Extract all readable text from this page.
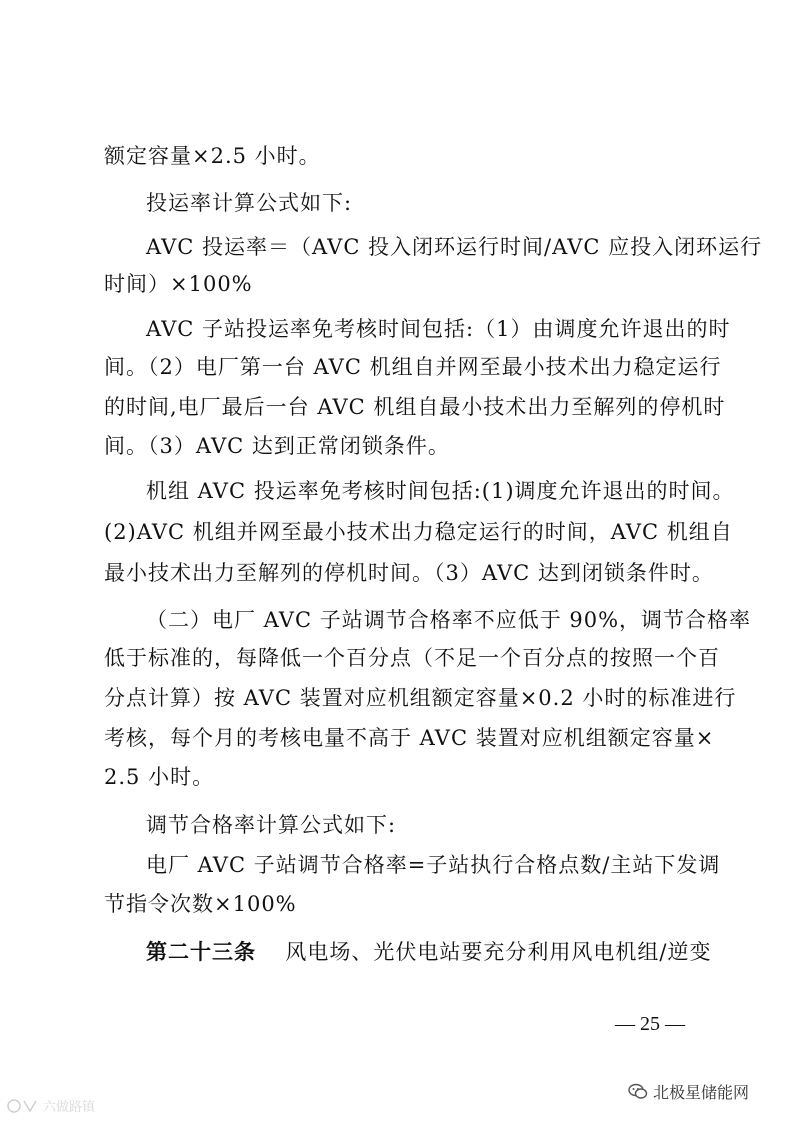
额定容量×2.5 小时。
投运率计算公式如下:
AVC 投运率＝（AVC 投入闭环运行时间/AVC 应投入闭环运行
时间）×100%
AVC 子站投运率免考核时间包括:（1）由调度允许退出的时
间。（2）电厂第一台 AVC 机组自并网至最小技术出力稳定运行
的时间,电厂最后一台 AVC 机组自最小技术出力至解列的停机时
间。（3）AVC 达到正常闭锁条件。
机组 AVC 投运率免考核时间包括:(1)调度允许退出的时间。
(2)AVC 机组并网至最小技术出力稳定运行的时间，AVC 机组自
最小技术出力至解列的停机时间。（3）AVC 达到闭锁条件时。
（二）电厂 AVC 子站调节合格率不应低于 90%，调节合格率
低于标准的，每降低一个百分点（不足一个百分点的按照一个百
分点计算）按 AVC 装置对应机组额定容量×0.2 小时的标准进行
考核，每个月的考核电量不高于 AVC 装置对应机组额定容量×
2.5 小时。
调节合格率计算公式如下:
电厂 AVC 子站调节合格率=子站执行合格点数/主站下发调
节指令次数×100%
第二十三条 风电场、光伏电站要充分利用风电机组/逆变
— 25 —
北极星储能网
六做路镇
